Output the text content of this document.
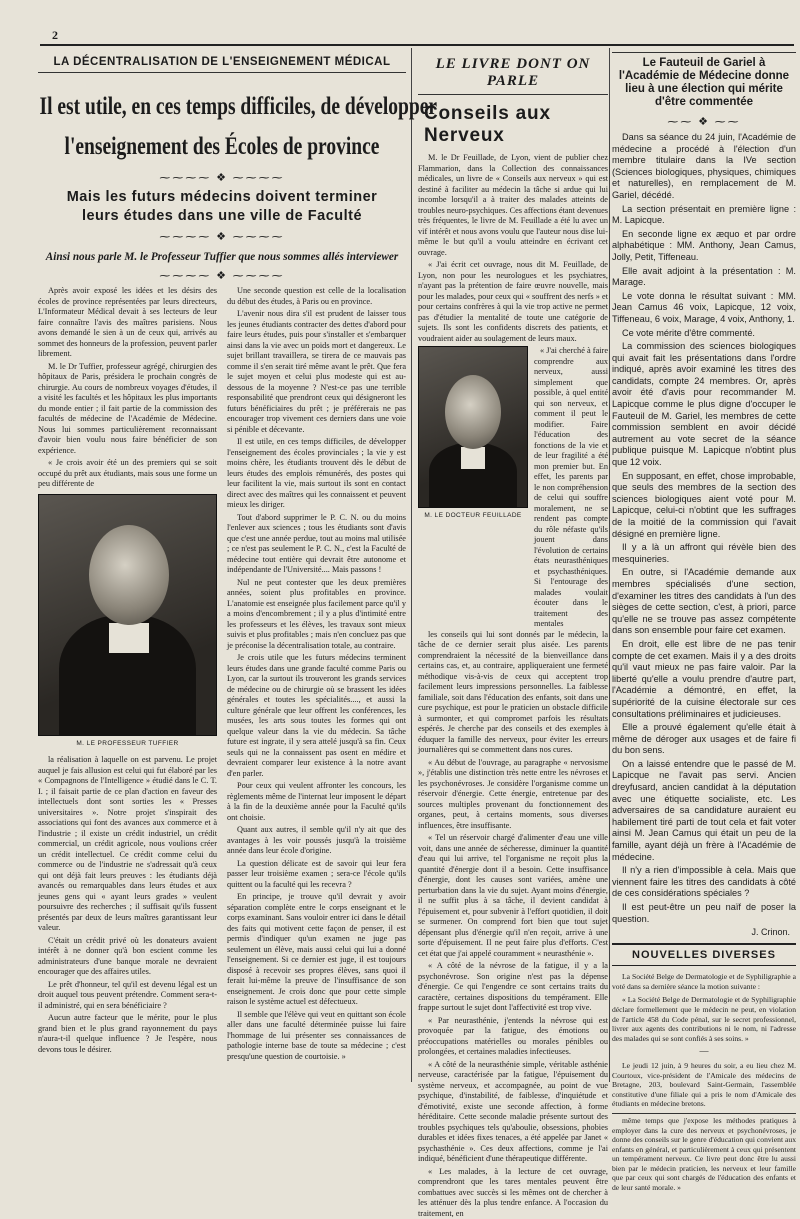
2
LA DÉCENTRALISATION DE L'ENSEIGNEMENT MÉDICAL
Il est utile, en ces temps difficiles, de développer
l'enseignement des Écoles de province
⁓⁓⁓⁓ ❖ ⁓⁓⁓⁓
Mais les futurs médecins doivent terminer
leurs études dans une ville de Faculté
⁓⁓⁓⁓ ❖ ⁓⁓⁓⁓
Ainsi nous parle M. le Professeur Tuffier que nous sommes allés interviewer
⁓⁓⁓⁓ ❖ ⁓⁓⁓⁓

Après avoir exposé les idées et les désirs des écoles de province représentées par leurs directeurs, L'Informateur Médical devait à ses lecteurs de leur faire connaître l'avis des maîtres parisiens. Nous avons demandé le sien à un de ceux qui, arrivés au sommet des honneurs de la profession, peuvent parler librement.

M. le Dr Tuffier, professeur agrégé, chirurgien des hôpitaux de Paris, présidera le prochain congrès de chirurgie. Au cours de nombreux voyages d'études, il a visité les facultés et les hôpitaux les plus importants du monde entier ; il fait partie de la commission des facultés de médecine de l'Académie de Médecine. Nous lui sommes particulièrement reconnaissant d'avoir bien voulu nous faire bénéficier de son expérience.

« Je crois avoir été un des premiers qui se soit occupé du prêt aux étudiants, mais sous une forme un peu différente de

M. LE PROFESSEUR TUFFIER

la réalisation à laquelle on est parvenu. Le projet auquel je fais allusion est celui qui fut élaboré par les « Compagnons de l'Intelligence » étudié dans le C. T. I. ; il faisait partie de ce plan d'action en faveur des intellectuels dont sont sorties les « Presses universitaires ». Notre projet s'inspirait des associations qui font des avances aux commerce et à l'industrie ; il existe un crédit industriel, un crédit commercial, un crédit agricole, nous voulions créer un crédit intellectuel. Ce crédit comme celui du commerce ou de l'industrie ne s'adressait qu'à ceux qui ont déjà fait leurs preuves : les étudiants déjà avancés ou remarquables dans leurs études et aux jeunes gens qui « ayant leurs grades » veulent poursuivre des recherches ; il suffisait qu'ils fussent présentés par deux de leurs maîtres garantissant leur valeur.

C'était un crédit privé où les donateurs avaient intérêt à ne donner qu'à bon escient comme les administrateurs d'une banque morale ne devraient encourager que des affaires utiles.

Le prêt d'honneur, tel qu'il est devenu légal est un droit auquel tous peuvent prétendre. Comment sera-t-il administré, qui en sera bénéficiaire ?

Aucun autre facteur que le mérite, pour le plus grand bien et le plus grand rayonnement du pays n'aura-t-il quelque influence ? Je l'espère, nous devons tous le désirer.

Une seconde question est celle de la localisation du début des études, à Paris ou en province.

L'avenir nous dira s'il est prudent de laisser tous les jeunes étudiants contracter des dettes d'abord pour faire leurs études, puis pour s'installer et s'embarquer ainsi dans la vie avec un poids mort et dangereux. Le sujet brillant travaillera, se tirera de ce mauvais pas comme il s'en serait tiré même avant le prêt. Que fera le sujet moyen et celui plus modeste qui est au-dessous de la moyenne ? N'est-ce pas une terrible responsabilité que prendront ceux qui désigneront les futurs bénéficiaires du prêt ; je préférerais ne pas encourager trop vivement ces derniers dans une voie si pénible et décevante.

Il est utile, en ces temps difficiles, de développer l'enseignement des écoles provinciales ; la vie y est moins chère, les étudiants trouvent dès le début de leurs études des emplois rémunérés, des postes qui leur facilitent la vie, mais surtout ils sont en contact direct avec des maîtres qui les connaissent et peuvent mieux les diriger.

Tout d'abord supprimer le P. C. N. ou du moins l'enlever aux sciences ; tous les étudiants sont d'avis que c'est une année perdue, tout au moins mal utilisée ; ce n'est pas seulement le P. C. N., c'est la Faculté de médecine tout entière qui devrait être autonome et indépendante de l'Université.... Mais passons !

Nul ne peut contester que les deux premières années, soient plus profitables en province. L'anatomie est enseignée plus facilement parce qu'il y a moins d'encombrement ; il y a plus d'intimité entre les professeurs et les élèves, les travaux sont mieux suivis et plus profitables ; mais n'en concluez pas que je préconise la décentralisation totale, au contraire.

Je crois utile que les futurs médecins terminent leurs études dans une grande faculté comme Paris ou Lyon, car la surtout ils trouveront les grands services de médecine ou de chirurgie où se brassent les idées générales et toutes les spécialités...., et aussi la culture générale que leur offrent les conférences, les musées, les arts sous toutes les formes qui ont quelque valeur dans la vie du médecin. Sa tâche future est ingrate, il y sera attelé jusqu'à sa fin. Ceux seuls qui ne la connaissent pas osent en médire et devraient comparer leur existence à la notre avant d'en parler.

Pour ceux qui veulent affronter les concours, les règlements même de l'internat leur imposent le départ à la fin de la deuxième année pour la Faculté qu'ils ont choisie.

Quant aux autres, il semble qu'il n'y ait que des avantages à les voir poussés jusqu'à la troisième année dans leur école d'origine.

La question délicate est de savoir qui leur fera passer leur troisième examen ; sera-ce l'école qu'ils quittent ou la faculté qui les recevra ?

En principe, je trouve qu'il devrait y avoir séparation complète entre le corps enseignant et le corps examinant. Sans vouloir entrer ici dans le détail des faits qui motivent cette façon de penser, il est permis d'indiquer qu'un examen ne juge pas seulement un élève, mais aussi celui qui lui a donné l'enseignement. Si ce dernier est juge, il est toujours disposé à recevoir ses propres élèves, sans quoi il ferait lui-même la preuve de l'insuffisance de son enseignement. Je crois donc que pour cette simple raison le système actuel est défectueux.

Il semble que l'élève qui veut en quittant son école aller dans une faculté déterminée puisse lui faire l'hommage de lui présenter ses connaissances de pathologie interne base de toute sa médecine ; c'est presqu'une question de courtoisie. »

LE LIVRE DONT ON PARLE
Conseils aux Nerveux

M. le Dr Feuillade, de Lyon, vient de publier chez Flammarion, dans la Collection des connaissances médicales, un livre de « Conseils aux nerveux » qui est destiné à faciliter au médecin la tâche si ardue qui lui incombe lorsqu'il a à traiter des malades atteints de troubles neuro-psychiques. Ces affections étant devenues très fréquentes, le livre de M. Feuillade a été lu avec un vif intérêt et nous avons voulu que l'auteur nous dise lui-même le but qu'il a voulu atteindre en écrivant cet ouvrage.

« J'ai écrit cet ouvrage, nous dit M. Feuillade, de Lyon, non pour les neurologues et les psychiatres, n'ayant pas la prétention de faire œuvre nouvelle, mais pour les malades, pour ceux qui « souffrent des nerfs » et pour certains confrères à qui la vie trop active ne permet pas d'étudier la mentalité de toute une catégorie de sujets. Ils sont les confidents discrets des patients, et voudraient aider au soulagement de leurs maux.

M. LE DOCTEUR FEUILLADE

« J'ai cherché à faire comprendre aux nerveux, aussi simplement que possible, à quel entité qui son nerveux, et comment il peut le modifier. Faire l'éducation des fonctions de la vie et de leur fragilité a été mon premier but. En effet, les parents par le non compréhension de celui qui souffre moralement, ne se rendent pas compte du rôle néfaste qu'ils jouent dans l'évolution de certains états neurasthéniques et psychasthéniques. Si l'entourage des malades voulait écouter dans le traitement des mentales

les conseils qui lui sont donnés par le médecin, la tâche de ce dernier serait plus aisée. Les parents comprendraient la nécessité de la bienveillance dans certains cas, et, au contraire, appliqueraient une fermeté méthodique vis-à-vis de ceux qui acceptent trop facilement leurs impressions personnelles. La faiblesse familiale, soit dans l'éducation des enfants, soit dans une cure psychique, est pour le praticien un obstacle difficile à surmonter, et qui compromet parfois les résultats espérés. Je cherche par des conseils et des exemples à éduquer la famille des nerveux, pour éviter les erreurs journalières qui se commettent dans nos cures.

« Au début de l'ouvrage, au paragraphe « nervosisme », j'établis une distinction très nette entre les névroses et les psychonévroses. Je considère l'organisme comme un réservoir d'énergie. Cette énergie, entretenue par des sources multiples provenant du fonctionnement des organes, peut, à certains moments, sous diverses influences, être insuffisante.

« Tel un réservoir chargé d'alimenter d'eau une ville voit, dans une année de sécheresse, diminuer la quantité d'eau qui lui arrive, tel l'organisme ne reçoit plus la quantité d'énergie dont il a besoin. Cette insuffisance d'énergie, dont les causes sont variées, amène une perturbation dans la vie du sujet. Ayant moins d'énergie, il ne suffit plus à sa tâche, il devient candidat à l'épuisement et, pour subvenir à l'effort quotidien, il doit se surmener. On comprend fort bien que tout sujet dépensant plus d'énergie qu'il n'en reçoit, arrive à une sorte d'épuisement. Il ne peut faire plus d'efforts. C'est cet état que j'ai appelé couramment « neurasthénie ».

« A côté de la névrose de la fatigue, il y a la psychonévrose. Son origine n'est pas la dépense d'énergie. Ce qui l'engendre ce sont certains traits du caractère, certaines dispositions du tempérament. Elle frappe surtout le sujet dont l'affectivité est trop vive.

« Par neurasthénie, j'entends la névrose qui est provoquée par la fatigue, des émotions ou préoccupations matérielles ou morales pénibles ou prolongées, et certaines maladies infectieuses.

« A côté de la neurasthénie simple, véritable asthénie nerveuse, caractérisée par la fatigue, l'épuisement du système nerveux, et accompagnée, au point de vue psychique, d'instabilité, de faiblesse, d'inquiétude et d'émotivité, existe une seconde affection, à forme héréditaire. Cette seconde maladie présente surtout des troubles psychiques tels qu'aboulie, obsessions, phobies durables et idées fixes tenaces, a été appelée par Janet « psychasthénie ». Ces deux affections, comme je l'ai indiqué, bénéficient d'une thérapeutique différente.

« Les malades, à la lecture de cet ouvrage, comprendront que les tares mentales peuvent être combattues avec succès si les mêmes ont de chercher à les atténuer dès la plus tendre enfance. A l'occasion du traitement, en

Le Fauteuil de Gariel à l'Académie de Médecine donne lieu à une élection qui mérite d'être commentée
⁓⁓ ❖ ⁓⁓

Dans sa séance du 24 juin, l'Académie de médecine a procédé à l'élection d'un membre titulaire dans la IVe section (Sciences biologiques, physiques, chimiques et naturelles), en remplacement de M. Gariel, décédé.

La section présentait en première ligne : M. Lapicque.

En seconde ligne ex æquo et par ordre alphabétique : MM. Anthony, Jean Camus, Jolly, Petit, Tiffeneau.

Elle avait adjoint à la présentation : M. Marage.

Le vote donna le résultat suivant : MM. Jean Camus 46 voix, Lapicque, 12 voix, Tiffeneau, 6 voix, Marage, 4 voix, Anthony, 1.

Ce vote mérite d'être commenté.

La commission des sciences biologiques qui avait fait les présentations dans l'ordre indiqué, après avoir examiné les titres des candidats, compte 24 membres. Or, après avoir été d'avis pour recommander M. Lapicque comme le plus digne d'occuper le Fauteuil de M. Gariel, les membres de cette commission semblent en avoir décidé autrement au vote secret de la séance publique puisque M. Lapicque n'obtint plus que 12 voix.

En supposant, en effet, chose improbable, que seuls des membres de la section des sciences biologiques aient voté pour M. Lapicque, celui-ci n'obtint que les suffrages de la moitié de la commission qui l'avait désigné en première ligne.

Il y a là un affront qui révèle bien des mesquineries.

En outre, si l'Académie demande aux membres spécialisés d'une section, d'examiner les titres des candidats à l'un des sièges de cette section, c'est, à priori, parce qu'elle ne se trouve pas assez compétente dans son ensemble pour faire cet examen.

En droit, elle est libre de ne pas tenir compte de cet examen. Mais il y a des droits qu'il vaut mieux ne pas faire valoir. Par la liberté qu'elle a voulu prendre d'autre part, l'Académie a démontré, en effet, la supériorité de la cuisine électorale sur ces consultations préliminaires et judicieuses.

Elle a prouvé également qu'elle était à même de déroger aux usages et de faire fi du bon sens.

On a laissé entendre que le passé de M. Lapicque ne l'avait pas servi. Ancien dreyfusard, ancien candidat à la députation avec une étiquette socialiste, etc. Les adversaires de sa candidature auraient eu habilement tiré parti de tout cela et fait voter ainsi M. Jean Camus qui était un peu de la famille, ayant déjà un frère à l'Académie de médecine.

Il n'y a rien d'impossible à cela. Mais que viennent faire les titres des candidats à côté de ces considérations spéciales ?

Il est peut-être un peu naïf de poser la question.

J. Crinon.
NOUVELLES DIVERSES

La Société Belge de Dermatologie et de Syphiligraphie a voté dans sa dernière séance la motion suivante :

« La Société Belge de Dermatologie et de Syphiligraphie déclare formellement que le médecin ne peut, en violation de l'article 458 du Code pénal, sur le secret professionnel, livrer aux agents des contributions ni le nom, ni l'adresse des malades qui se sont confiés à ses soins. »

—

Le jeudi 12 juin, à 9 heures du soir, a eu lieu chez M. Courtoux, vice-président de l'Amicale des médecins de Bretagne, 203, boulevard Saint-Germain, l'assemblée constitutive d'une filiale qui a pris le nom d'Amicale des étudiants en médecine bretons.

même temps que j'expose les méthodes pratiques à employer dans la cure des nerveux et psychonévroses, je donne des conseils sur le genre d'éducation qui convient aux enfants en général, et particulièrement à ceux qui présentent un tempérament nerveux. Ce livre peut donc être lu aussi bien par le médecin praticien, les nerveux et leur famille que par ceux qui sont chargés de l'éducation des enfants et de leur santé morale. »
